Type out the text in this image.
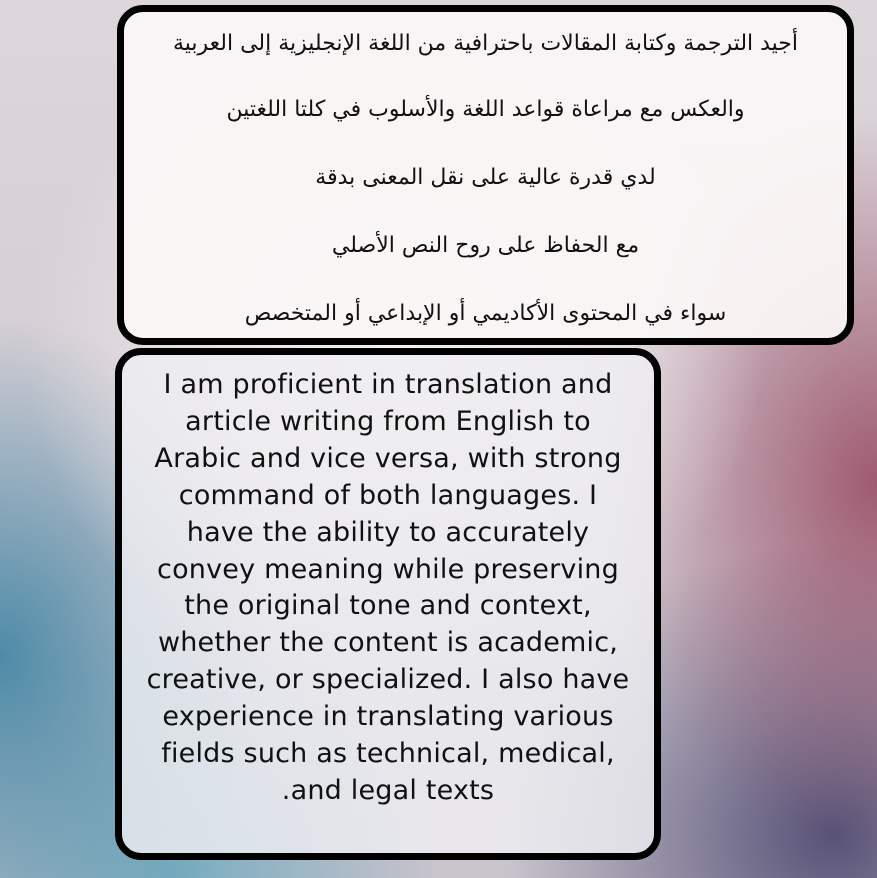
أجيد الترجمة وكتابة المقالات باحترافية من اللغة الإنجليزية إلى العربية
والعكس مع مراعاة قواعد اللغة والأسلوب في كلتا اللغتين
لدي قدرة عالية على نقل المعنى بدقة
مع الحفاظ على روح النص الأصلي
سواء في المحتوى الأكاديمي أو الإبداعي أو المتخصص
I am proficient in translation and
article writing from English to
Arabic and vice versa, with strong
command of both languages. I
have the ability to accurately
convey meaning while preserving
the original tone and context,
whether the content is academic,
creative, or specialized. I also have
experience in translating various
fields such as technical, medical,
.and legal texts
